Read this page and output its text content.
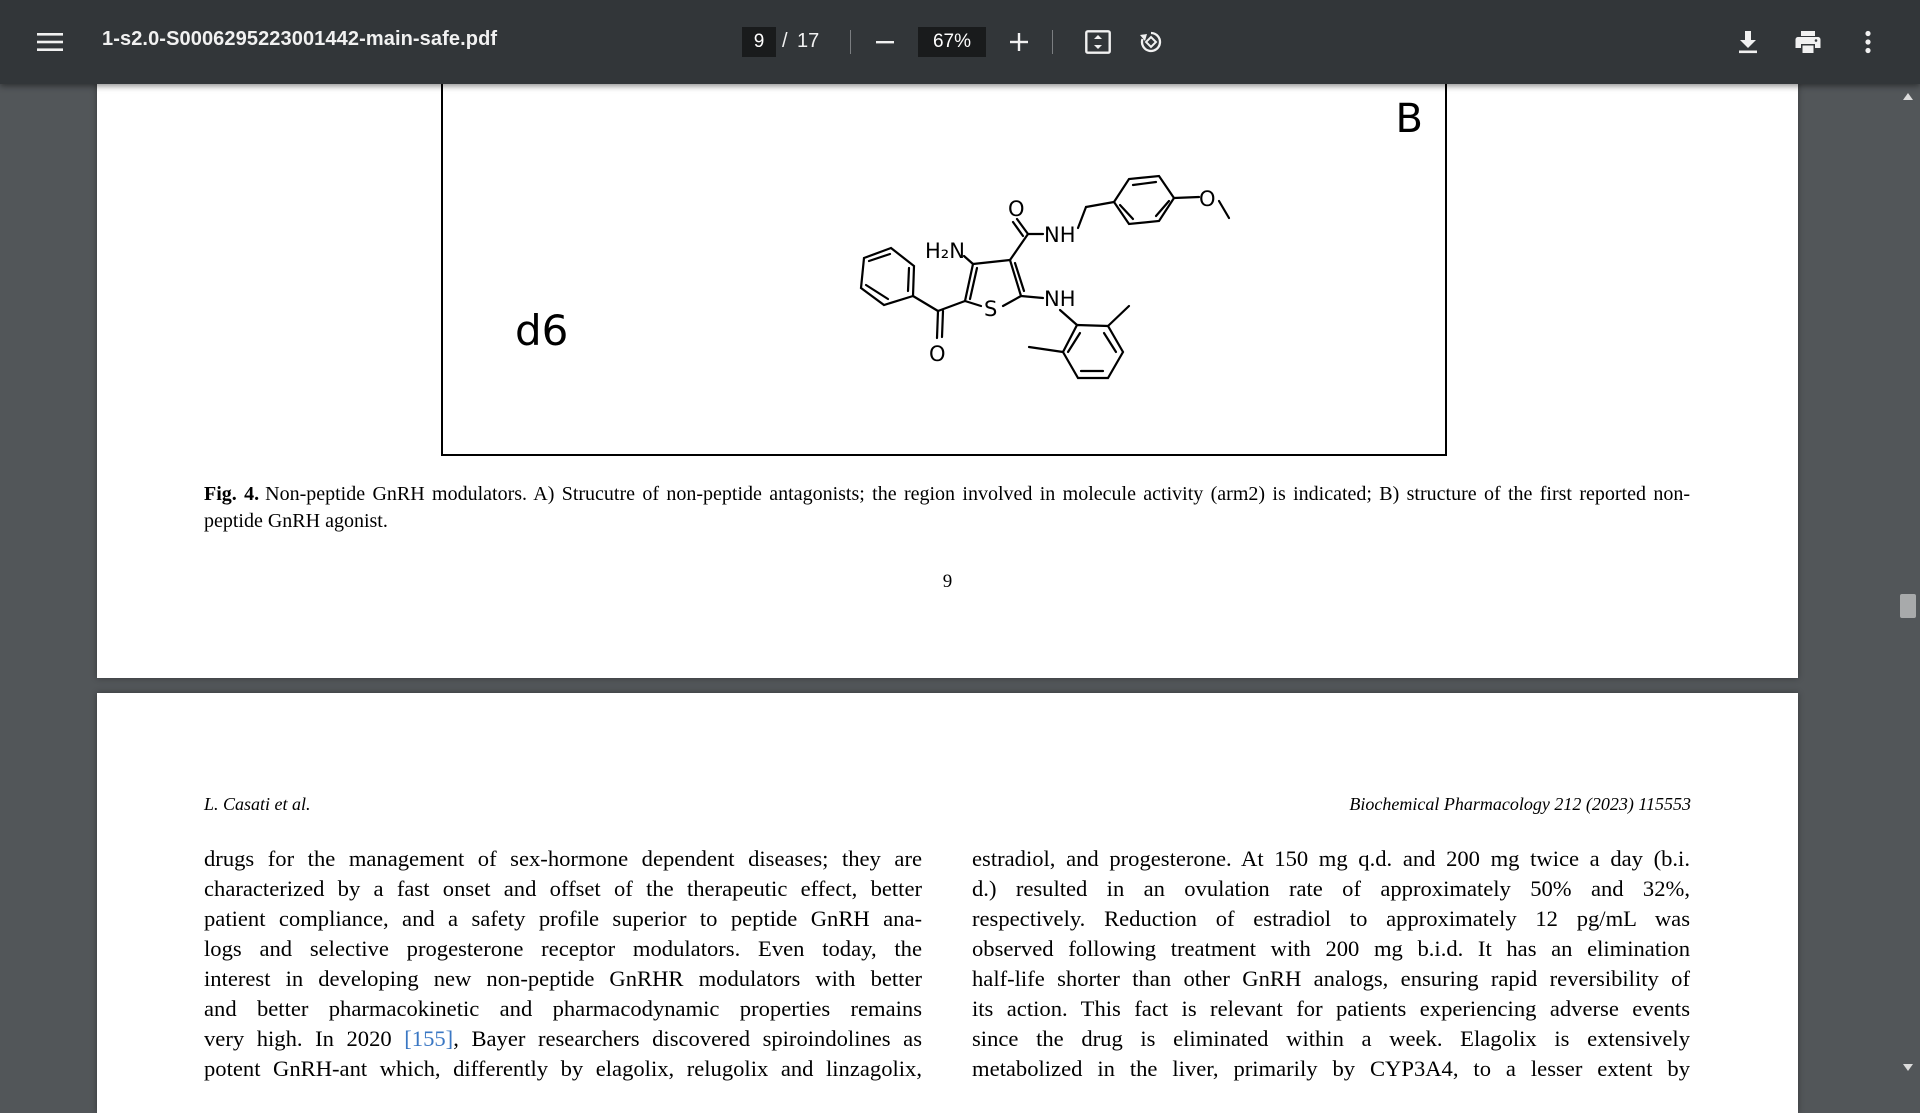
1-s2.0-S0006295223001442-main-safe.pdf
9	/ 17
67%
B
d6
O
NH
O
H₂N
NH
S
O
Fig. 4. Non-peptide GnRH modulators. A) Strucutre of non-peptide antagonists; the region involved in molecule activity (arm2) is indicated; B) structure of the first reported non-peptide GnRH agonist.
9
L. Casati et al.	Biochemical Pharmacology 212 (2023) 115553
drugs for the management of sex-hormone dependent diseases; they are
characterized by a fast onset and offset of the therapeutic effect, better
patient compliance, and a safety profile superior to peptide GnRH ana-
logs and selective progesterone receptor modulators. Even today, the
interest in developing new non-peptide GnRHR modulators with better
and better pharmacokinetic and pharmacodynamic properties remains
very high. In 2020 [155], Bayer researchers discovered spiroindolines as
potent GnRH-ant which, differently by elagolix, relugolix and linzagolix,
estradiol, and progesterone. At 150 mg q.d. and 200 mg twice a day (b.i.
d.) resulted in an ovulation rate of approximately 50% and 32%,
respectively. Reduction of estradiol to approximately 12 pg/mL was
observed following treatment with 200 mg b.i.d. It has an elimination
half-life shorter than other GnRH analogs, ensuring rapid reversibility of
its action. This fact is relevant for patients experiencing adverse events
since the drug is eliminated within a week. Elagolix is extensively
metabolized in the liver, primarily by CYP3A4, to a lesser extent by
